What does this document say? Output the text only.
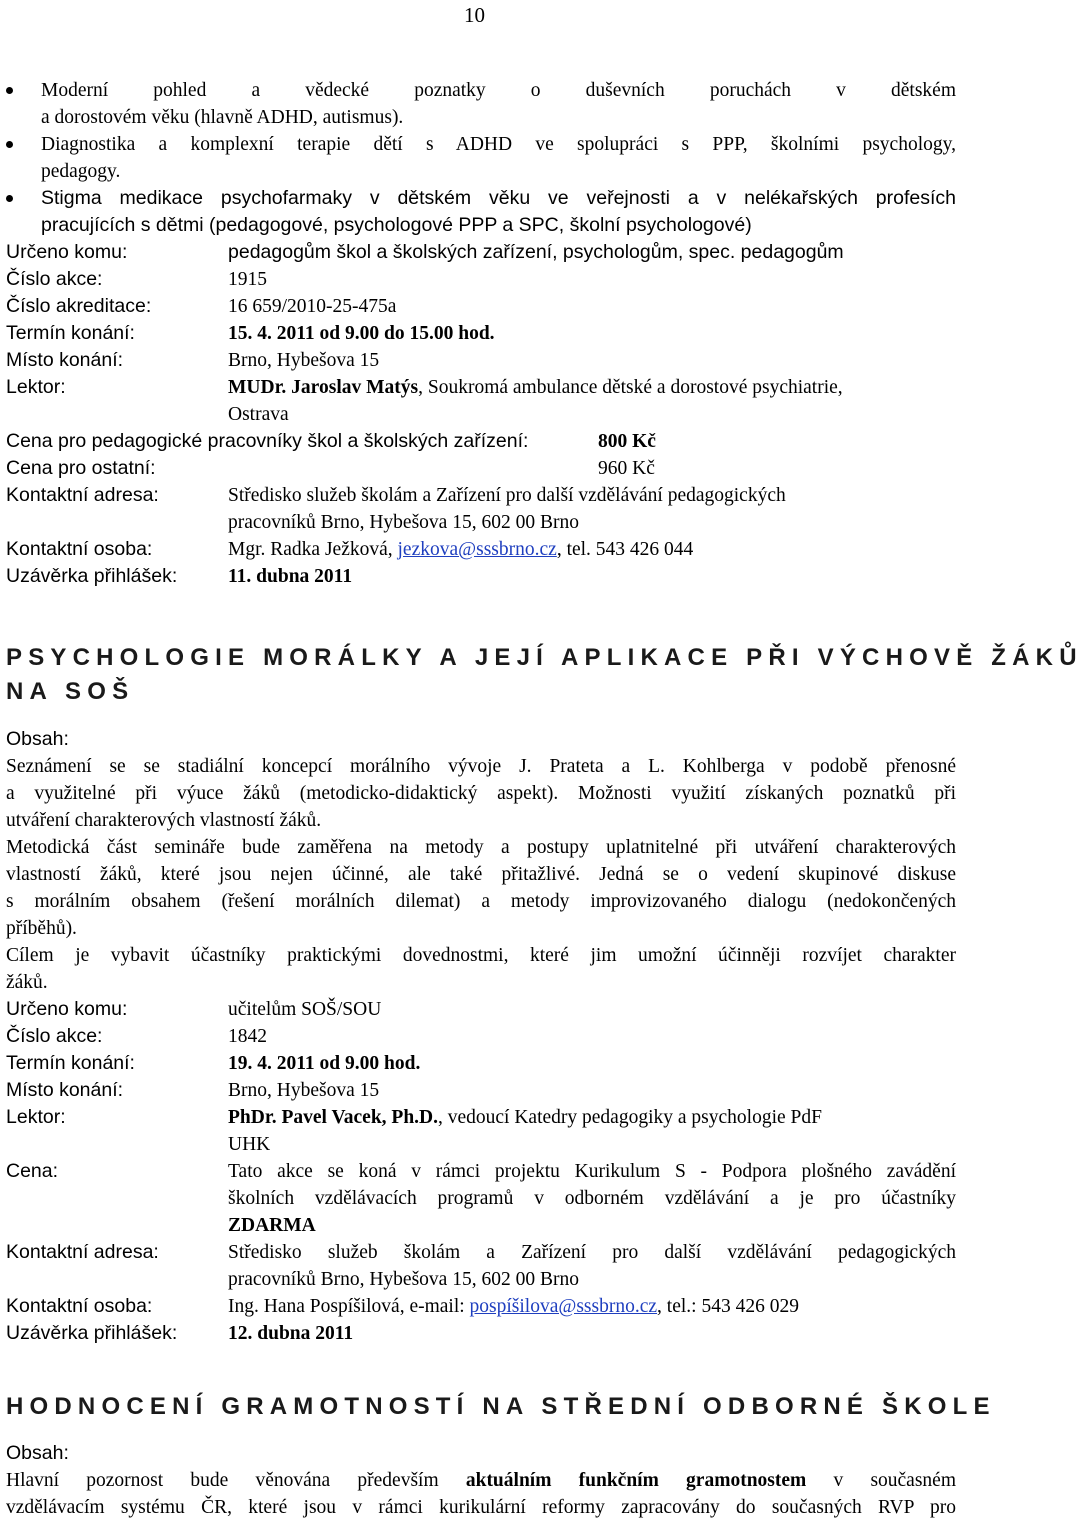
10
Moderní pohled a vědecké poznatky o duševních poruchách v dětském
a dorostovém věku (hlavně ADHD, autismus).
Diagnostika a komplexní terapie dětí s ADHD ve spolupráci s PPP, školními psychology,
pedagogy.
Stigma medikace psychofarmaky v dětském věku ve veřejnosti a v nelékařských profesích
pracujících s dětmi (pedagogové, psychologové PPP a SPC, školní psychologové)
Určeno komu:	pedagogům škol a školských zařízení, psychologům, spec. pedagogům
Číslo akce:	1915
Číslo akreditace:	16 659/2010-25-475a
Termín konání:	15. 4. 2011 od 9.00 do 15.00 hod.
Místo konání:	Brno, Hybešova 15
Lektor:	MUDr. Jaroslav Matýs, Soukromá ambulance dětské a dorostové psychiatrie,
Ostrava
Cena pro pedagogické pracovníky škol a školských zařízení:	800 Kč
Cena pro ostatní:	960 Kč
Kontaktní adresa:	Středisko služeb školám a Zařízení pro další vzdělávání pedagogických
pracovníků Brno, Hybešova 15, 602 00 Brno
Kontaktní osoba:	Mgr. Radka Ježková, jezkova@sssbrno.cz, tel. 543 426 044
Uzávěrka přihlášek:	11. dubna 2011
PSYCHOLOGIE MORÁLKY A JEJÍ APLIKACE PŘI VÝCHOVĚ ŽÁKŮ
NA SOŠ
Obsah:
Seznámení se se stadiální koncepcí morálního vývoje J. Prateta a L. Kohlberga v podobě přenosné
a využitelné při výuce žáků (metodicko-didaktický aspekt). Možnosti využití získaných poznatků při
utváření charakterových vlastností žáků.
Metodická část semináře bude zaměřena na metody a postupy uplatnitelné při utváření charakterových
vlastností žáků, které jsou nejen účinné, ale také přitažlivé. Jedná se o vedení skupinové diskuse
s morálním obsahem (řešení morálních dilemat) a metody improvizovaného dialogu (nedokončených
příběhů).
Cílem je vybavit účastníky praktickými dovednostmi, které jim umožní účinněji rozvíjet charakter
žáků.
Určeno komu:	učitelům SOŠ/SOU
Číslo akce:	1842
Termín konání:	19. 4. 2011 od 9.00 hod.
Místo konání:	Brno, Hybešova 15
Lektor:	PhDr. Pavel Vacek, Ph.D., vedoucí Katedry pedagogiky a psychologie PdF
UHK
Cena:	Tato akce se koná v rámci projektu Kurikulum S - Podpora plošného zavádění
školních vzdělávacích programů v odborném vzdělávání a je pro účastníky
ZDARMA
Kontaktní adresa:	Středisko služeb školám a Zařízení pro další vzdělávání pedagogických
pracovníků Brno, Hybešova 15, 602 00 Brno
Kontaktní osoba:	Ing. Hana Pospíšilová, e-mail: pospíšilova@sssbrno.cz, tel.: 543 426 029
Uzávěrka přihlášek:	12. dubna 2011
HODNOCENÍ GRAMOTNOSTÍ NA STŘEDNÍ ODBORNÉ ŠKOLE
Obsah:
Hlavní pozornost bude věnována především aktuálním funkčním gramotnostem v současném
vzdělávacím systému ČR, které jsou v rámci kurikulární reformy zapracovány do současných RVP pro
